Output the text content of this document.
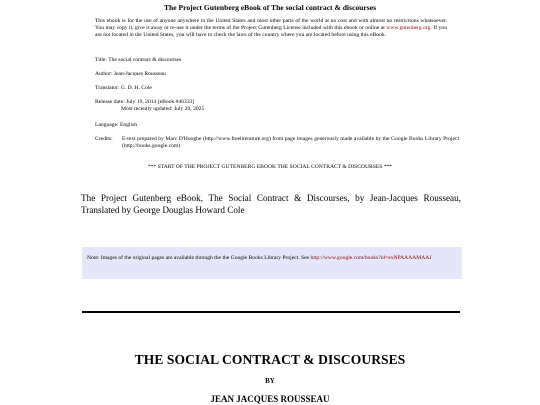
The Project Gutenberg eBook of The social contract & discourses
This ebook is for the use of anyone anywhere in the United States and most other parts of the world at no cost and with almost no restrictions whatsoever. You may copy it, give it away or re-use it under the terms of the Project Gutenberg License included with this ebook or online at www.gutenberg.org. If you are not located in the United States, you will have to check the laws of the country where you are located before using this eBook.
Title: The social contract & discourses
Author: Jean-Jacques Rousseau
Translator: G. D. H. Cole
Release date: July 19, 2014 [eBook #46333]
Most recently updated: July 20, 2025
Language: English
Credits: E-text prepared by Marc D'Hooghe (http://www.freeliterature.org) from page images generously made available by the Google Books Library Project (http://books.google.com)
*** START OF THE PROJECT GUTENBERG EBOOK THE SOCIAL CONTRACT & DISCOURSES ***
The Project Gutenberg eBook, The Social Contract & Discourses, by Jean-Jacques Rousseau, Translated by George Douglas Howard Cole
Note: Images of the original pages are available through the the Google Books Library Project. See http://www.google.com/books?id=exNPAAAAMAAJ
THE SOCIAL CONTRACT & DISCOURSES
BY
JEAN JACQUES ROUSSEAU
